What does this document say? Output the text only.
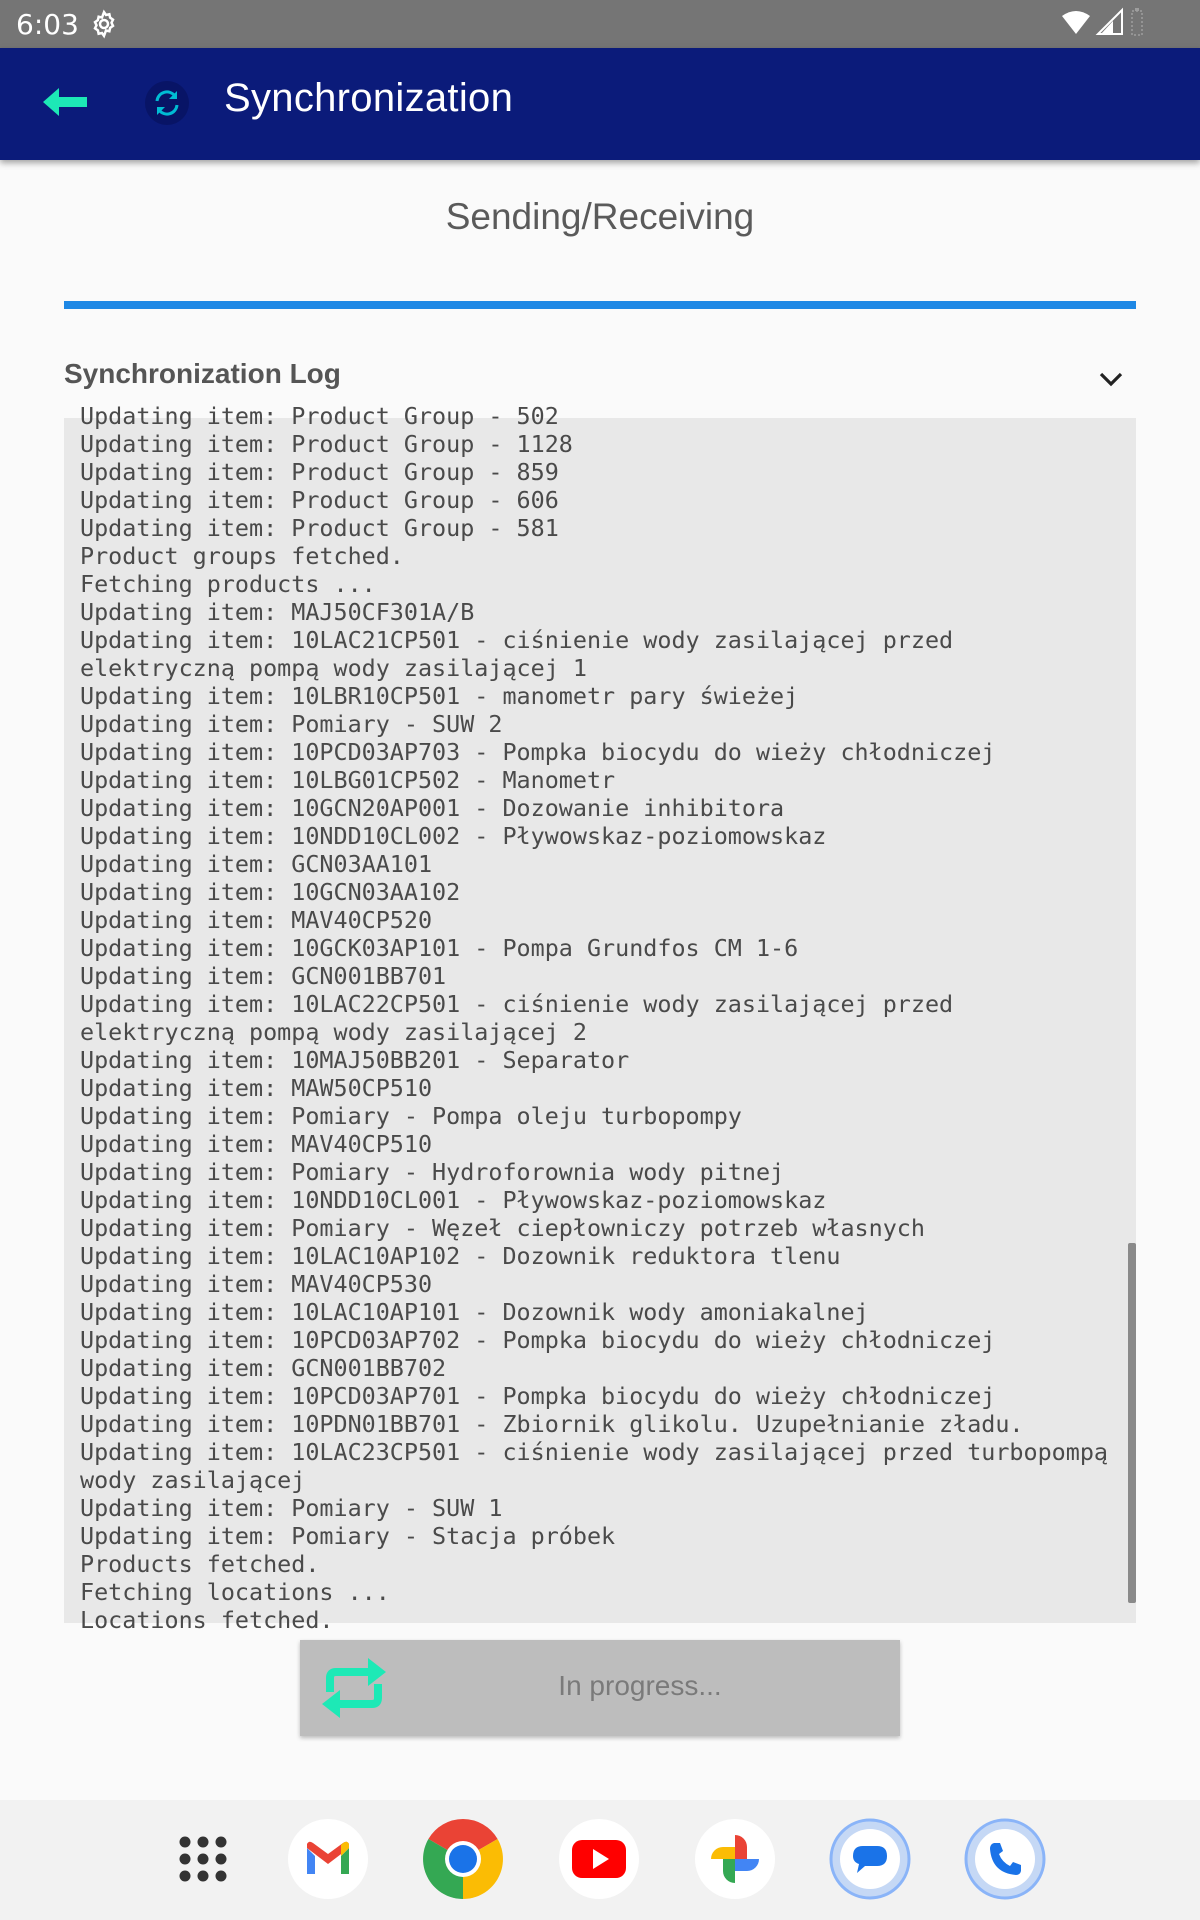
6:03
Synchronization
Sending/Receiving
Synchronization Log
Updating item: Product Group - 502
Updating item: Product Group - 1128
Updating item: Product Group - 859
Updating item: Product Group - 606
Updating item: Product Group - 581
Product groups fetched.
Fetching products ...
Updating item: MAJ50CF301A/B
Updating item: 10LAC21CP501 - ciśnienie wody zasilającej przed elektryczną pompą wody zasilającej 1
Updating item: 10LBR10CP501 - manometr pary świeżej
Updating item: Pomiary - SUW 2
Updating item: 10PCD03AP703 - Pompka biocydu do wieży chłodniczej
Updating item: 10LBG01CP502 - Manometr
Updating item: 10GCN20AP001 - Dozowanie inhibitora
Updating item: 10NDD10CL002 - Pływowskaz-poziomowskaz
Updating item: GCN03AA101
Updating item: 10GCN03AA102
Updating item: MAV40CP520
Updating item: 10GCK03AP101 - Pompa Grundfos CM 1-6
Updating item: GCN001BB701
Updating item: 10LAC22CP501 - ciśnienie wody zasilającej przed elektryczną pompą wody zasilającej 2
Updating item: 10MAJ50BB201 - Separator
Updating item: MAW50CP510
Updating item: Pomiary - Pompa oleju turbopompy
Updating item: MAV40CP510
Updating item: Pomiary - Hydroforownia wody pitnej
Updating item: 10NDD10CL001 - Pływowskaz-poziomowskaz
Updating item: Pomiary - Węzeł ciepłowniczy potrzeb własnych
Updating item: 10LAC10AP102 - Dozownik reduktora tlenu
Updating item: MAV40CP530
Updating item: 10LAC10AP101 - Dozownik wody amoniakalnej
Updating item: 10PCD03AP702 - Pompka biocydu do wieży chłodniczej
Updating item: GCN001BB702
Updating item: 10PCD03AP701 - Pompka biocydu do wieży chłodniczej
Updating item: 10PDN01BB701 - Zbiornik glikolu. Uzupełnianie zładu.
Updating item: 10LAC23CP501 - ciśnienie wody zasilającej przed turbopompą wody zasilającej
Updating item: Pomiary - SUW 1
Updating item: Pomiary - Stacja próbek
Products fetched.
Fetching locations ...
Locations fetched.
In progress...
